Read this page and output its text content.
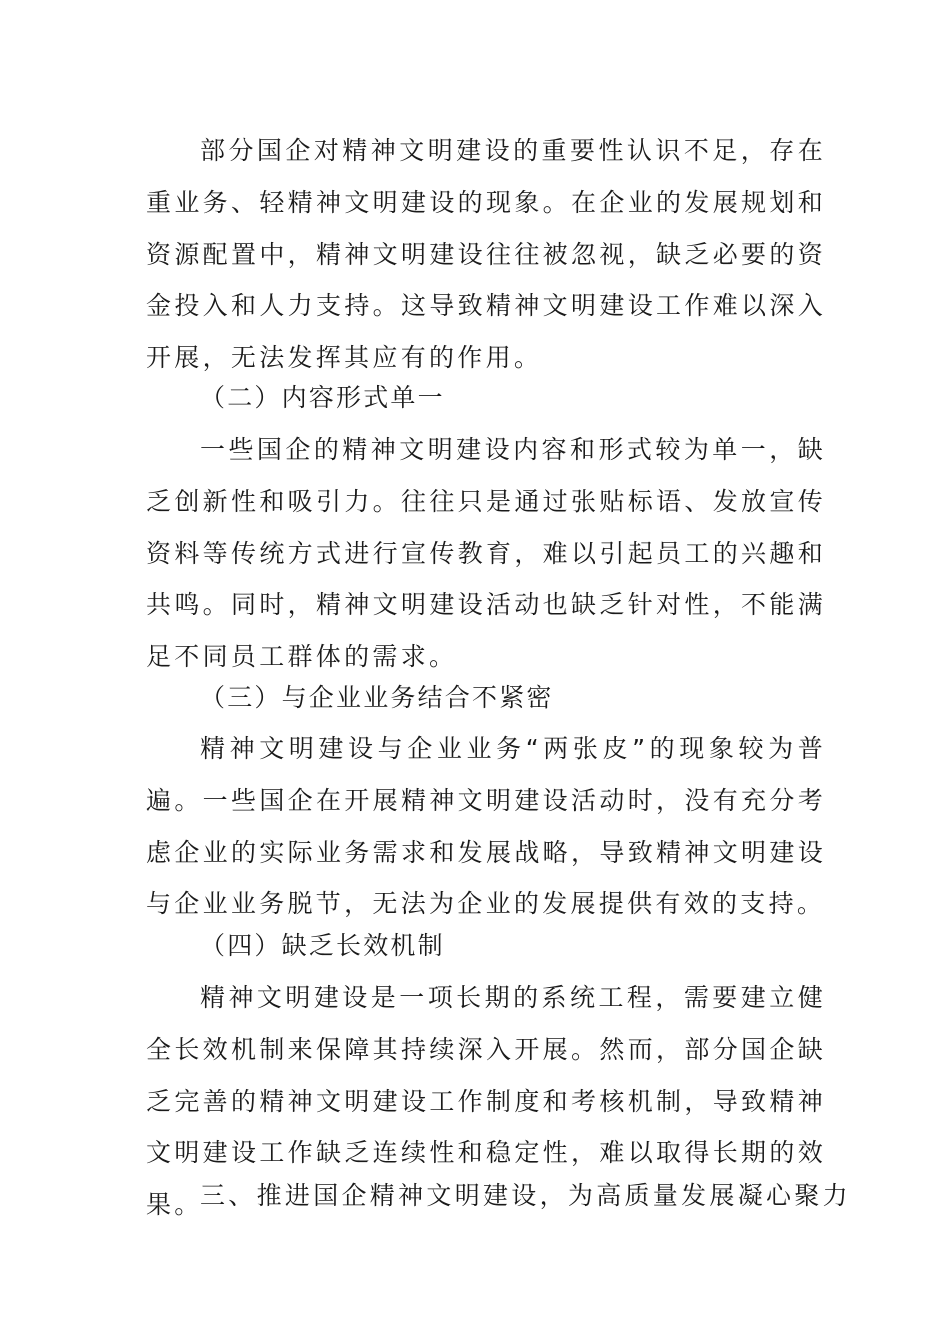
部分国企对精神文明建设的重要性认识不足，存在重业务、轻精神文明建设的现象。在企业的发展规划和资源配置中，精神文明建设往往被忽视，缺乏必要的资金投入和人力支持。这导致精神文明建设工作难以深入开展，无法发挥其应有的作用。

（二）内容形式单一

一些国企的精神文明建设内容和形式较为单一，缺乏创新性和吸引力。往往只是通过张贴标语、发放宣传资料等传统方式进行宣传教育，难以引起员工的兴趣和共鸣。同时，精神文明建设活动也缺乏针对性，不能满足不同员工群体的需求。

（三）与企业业务结合不紧密

精神文明建设与企业业务“两张皮”的现象较为普遍。一些国企在开展精神文明建设活动时，没有充分考虑企业的实际业务需求和发展战略，导致精神文明建设与企业业务脱节，无法为企业的发展提供有效的支持。

（四）缺乏长效机制

精神文明建设是一项长期的系统工程，需要建立健全长效机制来保障其持续深入开展。然而，部分国企缺乏完善的精神文明建设工作制度和考核机制，导致精神文明建设工作缺乏连续性和稳定性，难以取得长期的效果。

三、推进国企精神文明建设，为高质量发展凝心聚力
